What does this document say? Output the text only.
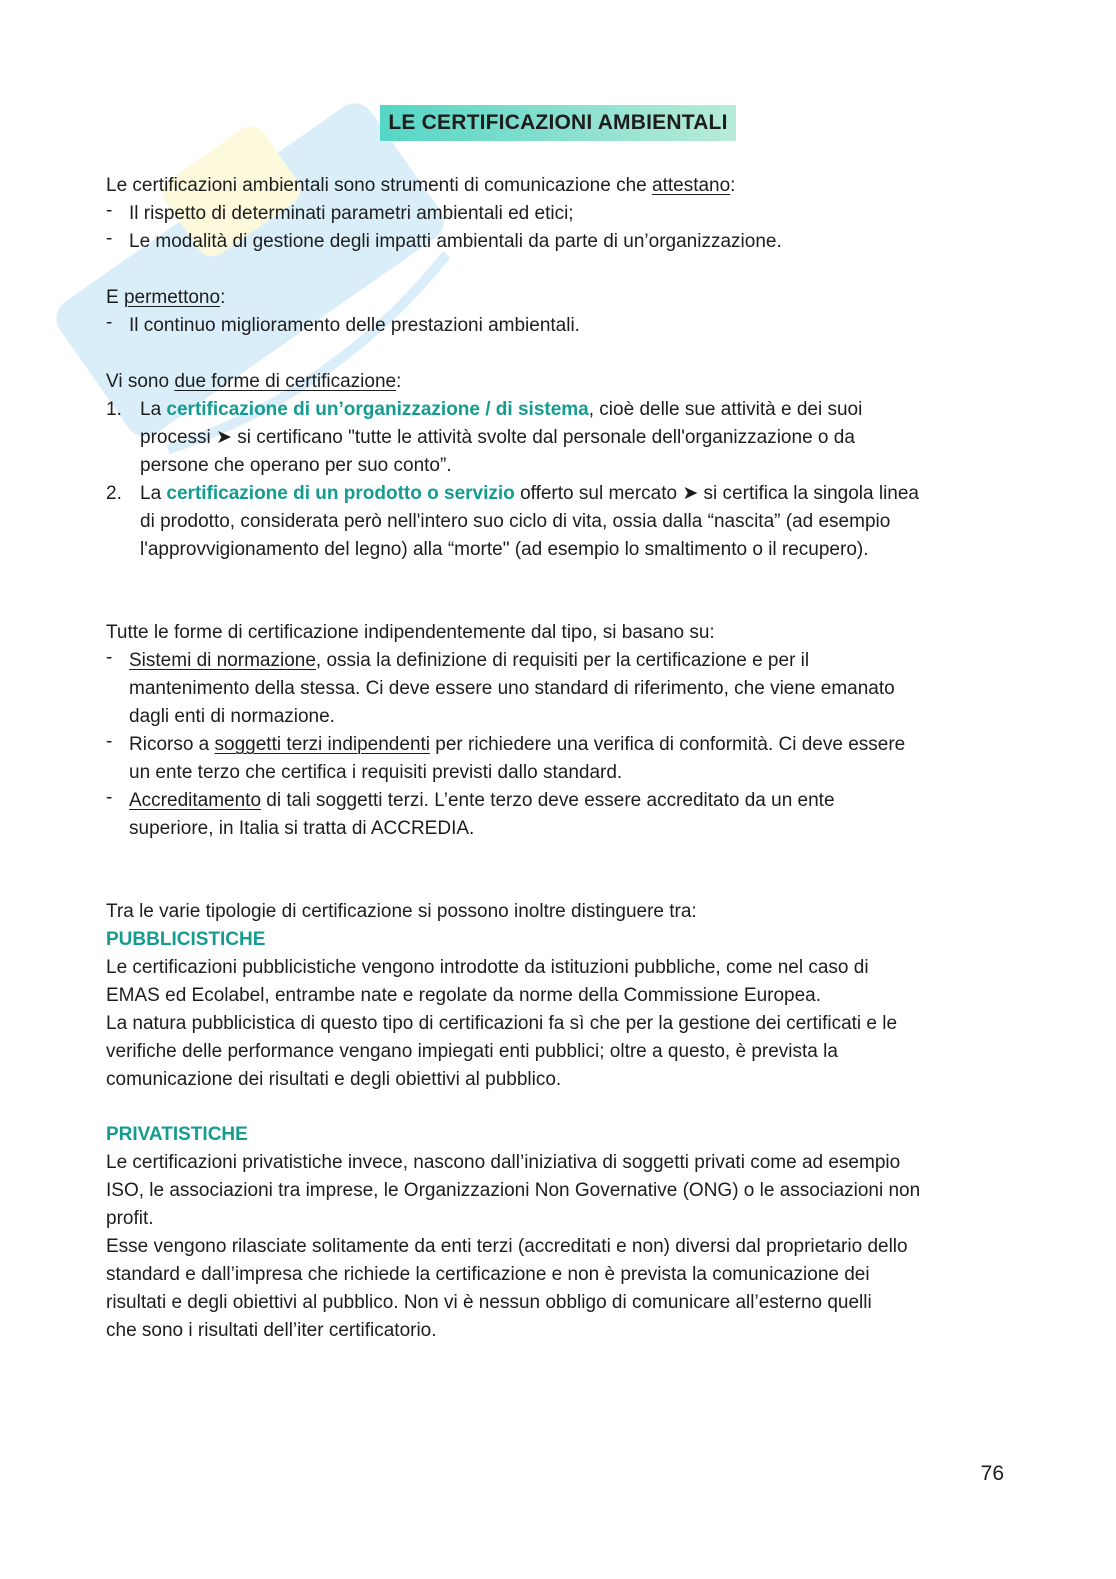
LE CERTIFICAZIONI AMBIENTALI
Le certificazioni ambientali sono strumenti di comunicazione che attestano:
- Il rispetto di determinati parametri ambientali ed etici;
- Le modalità di gestione degli impatti ambientali da parte di un’organizzazione.
E permettono:
- Il continuo miglioramento delle prestazioni ambientali.
Vi sono due forme di certificazione:
1. La certificazione di un’organizzazione / di sistema, cioè delle sue attività e dei suoi
processi ➤ si certificano "tutte le attività svolte dal personale dell'organizzazione o da
persone che operano per suo conto”.
2. La certificazione di un prodotto o servizio offerto sul mercato ➤ si certifica la singola linea
di prodotto, considerata però nell'intero suo ciclo di vita, ossia dalla “nascita” (ad esempio
l'approvvigionamento del legno) alla “morte" (ad esempio lo smaltimento o il recupero).
Tutte le forme di certificazione indipendentemente dal tipo, si basano su:
- Sistemi di normazione, ossia la definizione di requisiti per la certificazione e per il
mantenimento della stessa. Ci deve essere uno standard di riferimento, che viene emanato
dagli enti di normazione.
- Ricorso a soggetti terzi indipendenti per richiedere una verifica di conformità. Ci deve essere
un ente terzo che certifica i requisiti previsti dallo standard.
- Accreditamento di tali soggetti terzi. L’ente terzo deve essere accreditato da un ente
superiore, in Italia si tratta di ACCREDIA.
Tra le varie tipologie di certificazione si possono inoltre distinguere tra:
PUBBLICISTICHE
Le certificazioni pubblicistiche vengono introdotte da istituzioni pubbliche, come nel caso di
EMAS ed Ecolabel, entrambe nate e regolate da norme della Commissione Europea.
La natura pubblicistica di questo tipo di certificazioni fa sì che per la gestione dei certificati e le
verifiche delle performance vengano impiegati enti pubblici; oltre a questo, è prevista la
comunicazione dei risultati e degli obiettivi al pubblico.
PRIVATISTICHE
Le certificazioni privatistiche invece, nascono dall’iniziativa di soggetti privati come ad esempio
ISO, le associazioni tra imprese, le Organizzazioni Non Governative (ONG) o le associazioni non
profit.
Esse vengono rilasciate solitamente da enti terzi (accreditati e non) diversi dal proprietario dello
standard e dall’impresa che richiede la certificazione e non è prevista la comunicazione dei
risultati e degli obiettivi al pubblico. Non vi è nessun obbligo di comunicare all’esterno quelli
che sono i risultati dell’iter certificatorio.
76
